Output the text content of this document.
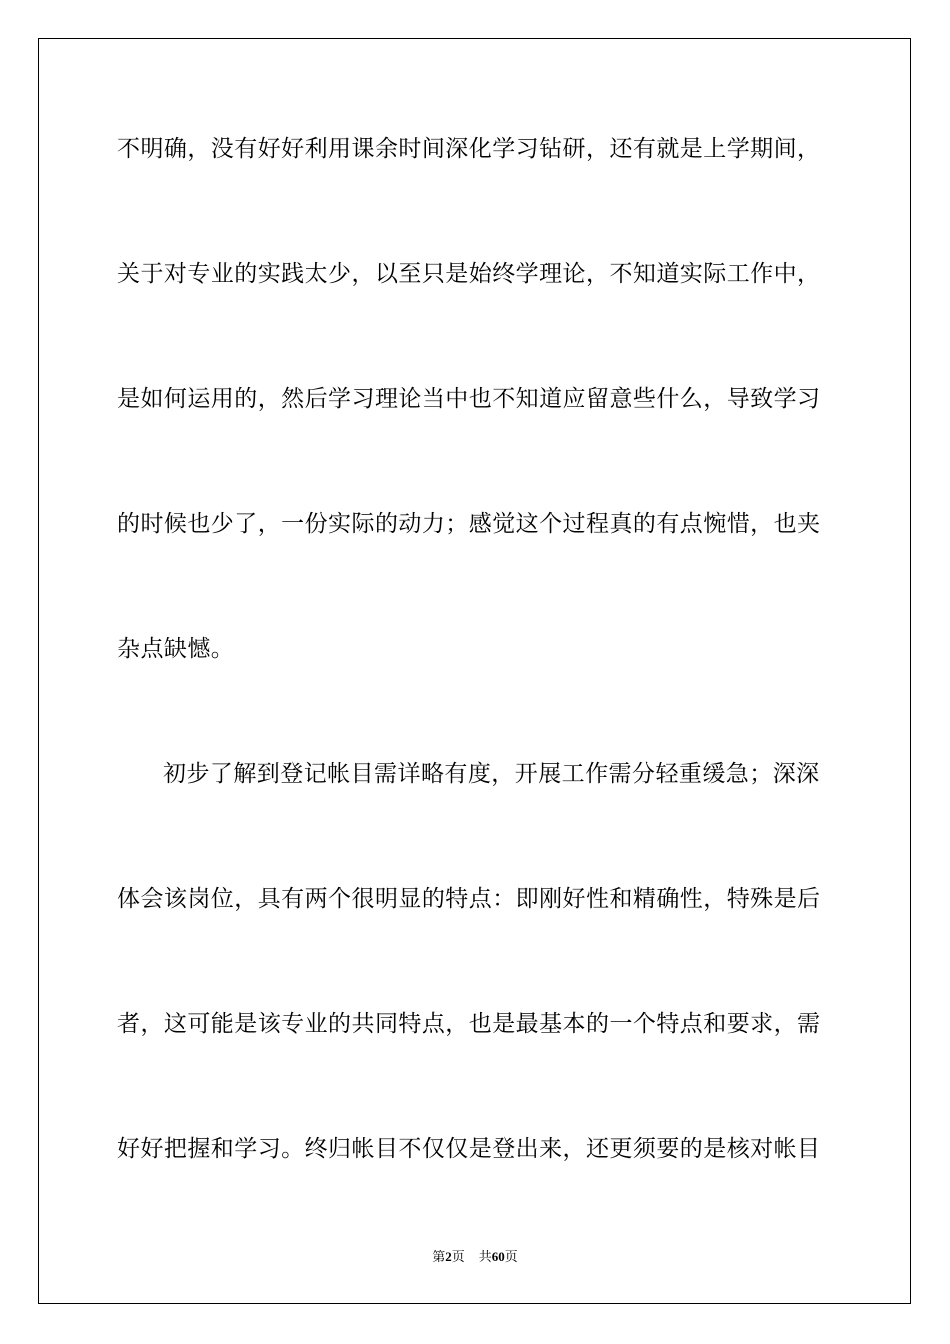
不明确，没有好好利用课余时间深化学习钻研，还有就是上学期间，
关于对专业的实践太少，以至只是始终学理论，不知道实际工作中，
是如何运用的，然后学习理论当中也不知道应留意些什么，导致学习
的时候也少了，一份实际的动力；感觉这个过程真的有点惋惜，也夹
杂点缺憾。
初步了解到登记帐目需详略有度，开展工作需分轻重缓急；深深
体会该岗位，具有两个很明显的特点：即刚好性和精确性，特殊是后
者，这可能是该专业的共同特点，也是最基本的一个特点和要求，需
好好把握和学习。终归帐目不仅仅是登出来，还更须要的是核对帐目
第2页 共60页
